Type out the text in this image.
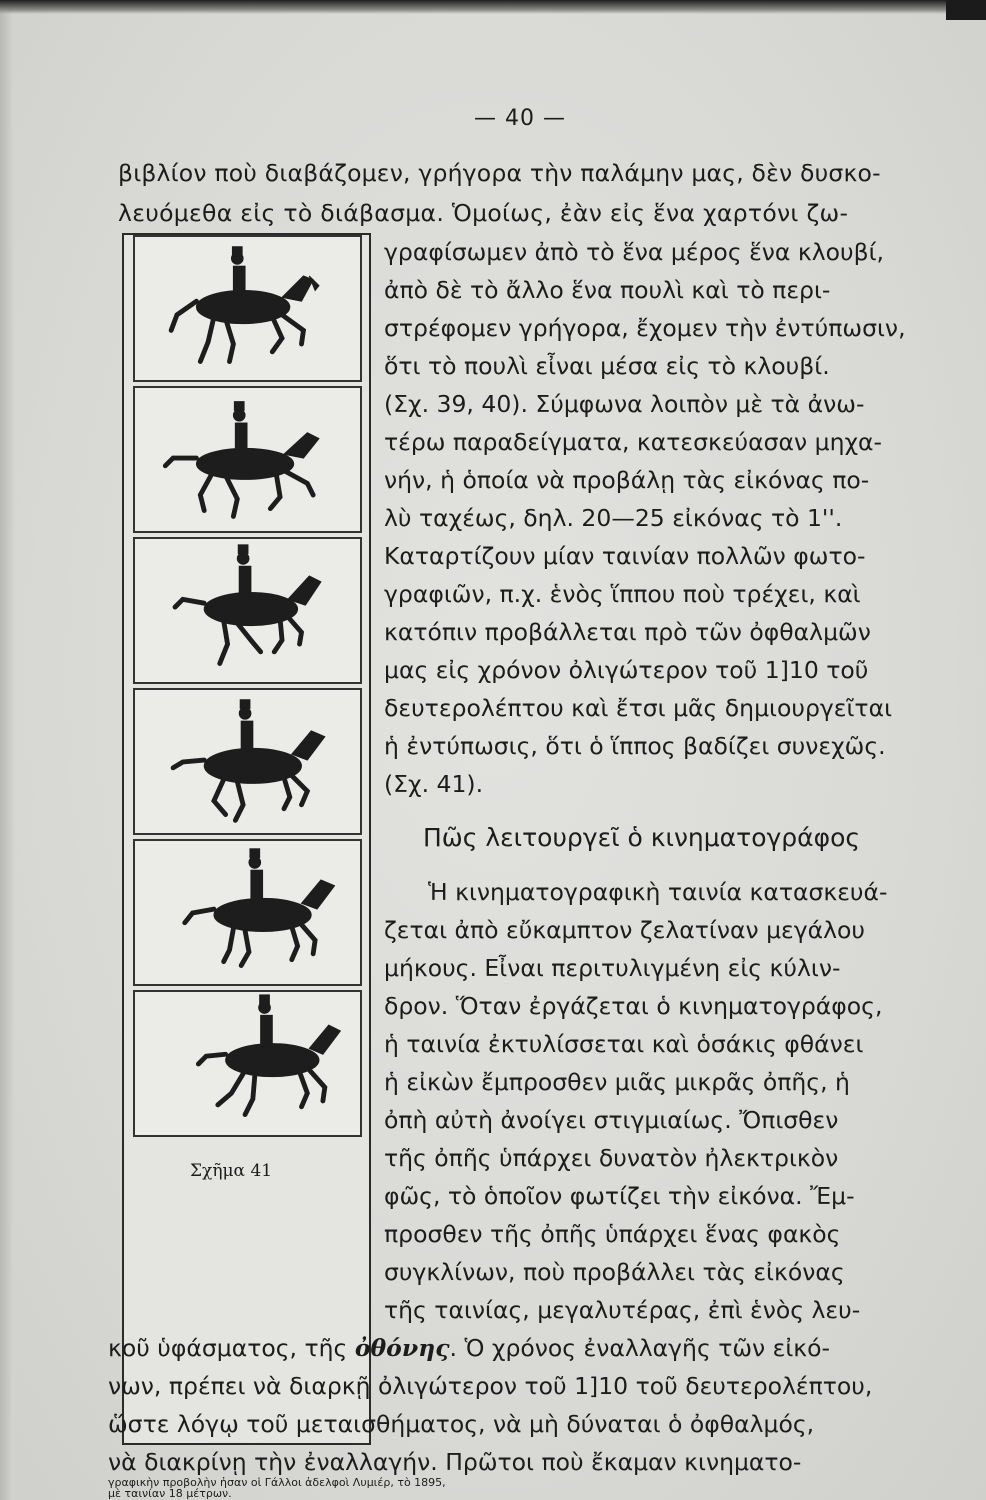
— 40 —
βιβλίον ποὺ διαβάζομεν, γρήγορα τὴν παλάμην μας, δὲν δυσκο-
λευόμεθα εἰς τὸ διάβασμα. Ὁμοίως, ἐὰν εἰς ἕνα χαρτόνι ζω-
Σχῆμα 41
γραφίσωμεν ἀπὸ τὸ ἕνα μέρος ἕνα κλουβί,
ἀπὸ δὲ τὸ ἄλλο ἕνα πουλὶ καὶ τὸ περι-
στρέφομεν γρήγορα, ἔχομεν τὴν ἐντύπωσιν,
ὅτι τὸ πουλὶ εἶναι μέσα εἰς τὸ κλουβί.
(Σχ. 39, 40). Σύμφωνα λοιπὸν μὲ τὰ ἀνω-
τέρω παραδείγματα, κατεσκεύασαν μηχα-
νήν, ἡ ὁποία νὰ προβάλῃ τὰς εἰκόνας πο-
λὺ ταχέως, δηλ. 20—25 εἰκόνας τὸ 1''.
Καταρτίζουν μίαν ταινίαν πολλῶν φωτο-
γραφιῶν, π.χ. ἑνὸς ἵππου ποὺ τρέχει, καὶ
κατόπιν προβάλλεται πρὸ τῶν ὀφθαλμῶν
μας εἰς χρόνον ὀλιγώτερον τοῦ 1]10 τοῦ
δευτερολέπτου καὶ ἔτσι μᾶς δημιουργεῖται
ἡ ἐντύπωσις, ὅτι ὁ ἵππος βαδίζει συνεχῶς.
(Σχ. 41).
Πῶς λειτουργεῖ ὁ κινηματογράφος
Ἡ κινηματογραφικὴ ταινία κατασκευά-
ζεται ἀπὸ εὔκαμπτον ζελατίναν μεγάλου
μήκους. Εἶναι περιτυλιγμένη εἰς κύλιν-
δρον. Ὅταν ἐργάζεται ὁ κινηματογράφος,
ἡ ταινία ἐκτυλίσσεται καὶ ὁσάκις φθάνει
ἡ εἰκὼν ἔμπροσθεν μιᾶς μικρᾶς ὀπῆς, ἡ
ὀπὴ αὐτὴ ἀνοίγει στιγμιαίως. Ὄπισθεν
τῆς ὀπῆς ὑπάρχει δυνατὸν ἠλεκτρικὸν
φῶς, τὸ ὁποῖον φωτίζει τὴν εἰκόνα. Ἔμ-
προσθεν τῆς ὀπῆς ὑπάρχει ἕνας φακὸς
συγκλίνων, ποὺ προβάλλει τὰς εἰκόνας
τῆς ταινίας, μεγαλυτέρας, ἐπὶ ἑνὸς λευ-
κοῦ ὑφάσματος, τῆς ὀθόνης. Ὁ χρόνος ἐναλλαγῆς τῶν εἰκό-
νων, πρέπει νὰ διαρκῇ ὀλιγώτερον τοῦ 1]10 τοῦ δευτερολέπτου,
ὥστε λόγῳ τοῦ μεταισθήματος, νὰ μὴ δύναται ὁ ὀφθαλμός,
νὰ διακρίνῃ τὴν ἐναλλαγήν. Πρῶτοι ποὺ ἔκαμαν κινηματο-
γραφικὴν προβολὴν ἦσαν οἱ Γάλλοι ἀδελφοὶ Λυμιέρ, τὸ 1895,
μὲ ταινίαν 18 μέτρων.
